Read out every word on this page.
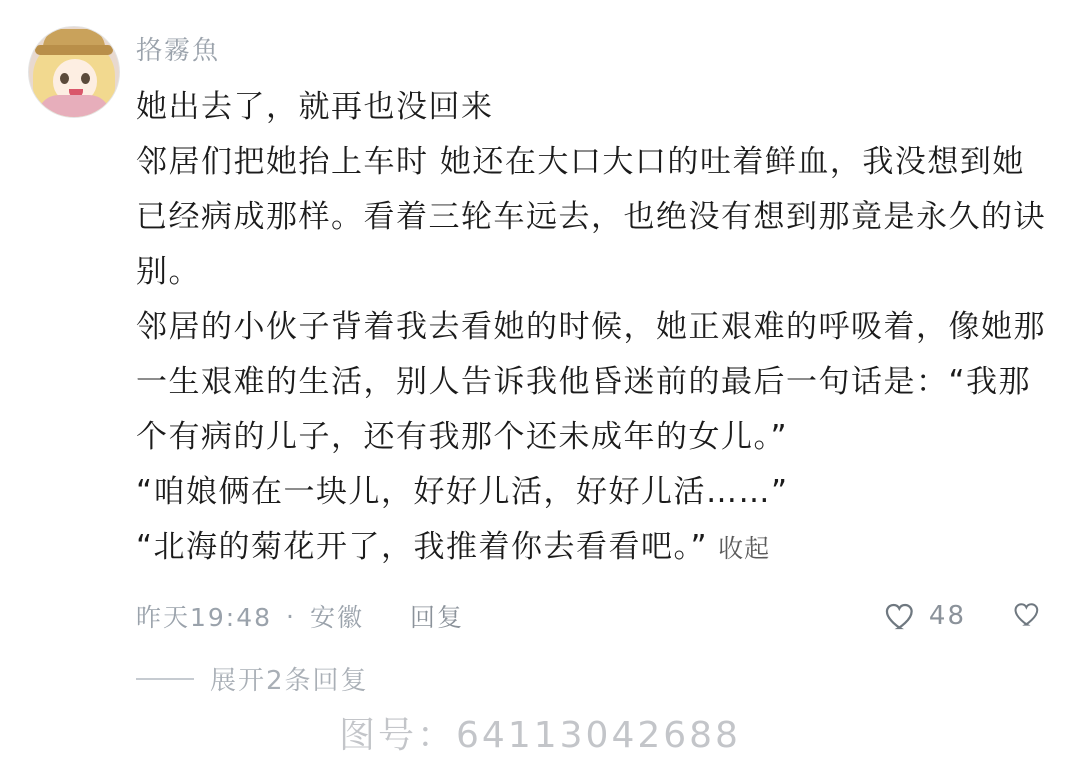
挌霧魚

她出去了，就再也没回来

邻居们把她抬上车时 她还在大口大口的吐着鲜血，我没想到她已经病成那样。看着三轮车远去，也绝没有想到那竟是永久的诀别。

邻居的小伙子背着我去看她的时候，她正艰难的呼吸着，像她那一生艰难的生活，别人告诉我他昏迷前的最后一句话是：“我那个有病的儿子，还有我那个还未成年的女儿。”

“咱娘俩在一块儿，好好儿活，好好儿活……”

“北海的菊花开了，我推着你去看看吧。” 收起

昨天19:48 · 安徽 回复	48
展开2条回复
图号：64113042688
